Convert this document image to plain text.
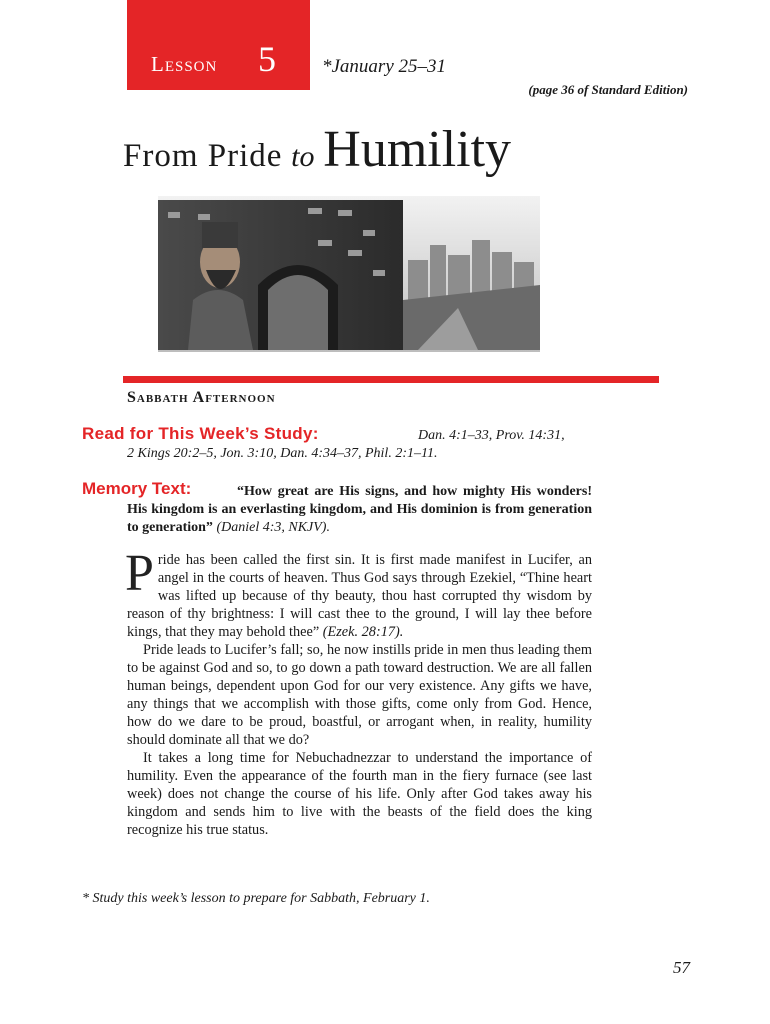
Lesson 5 *January 25–31
(page 36 of Standard Edition)
From Pride to Humility
Sabbath Afternoon
Read for This Week’s Study:	Dan. 4:1–33, Prov. 14:31,
2 Kings 20:2–5, Jon. 3:10, Dan. 4:34–37, Phil. 2:1–11.
Memory Text:	“How great are His signs, and how mighty His wonders! His kingdom is an everlasting kingdom, and His dominion is from generation to generation” (Daniel 4:3, NKJV).

Pride has been called the first sin. It is first made manifest in Lucifer, an angel in the courts of heaven. Thus God says through Ezekiel, “Thine heart was lifted up because of thy beauty, thou hast corrupted thy wisdom by reason of thy brightness: I will cast thee to the ground, I will lay thee before kings, that they may behold thee” (Ezek. 28:17).

Pride leads to Lucifer’s fall; so, he now instills pride in men thus leading them to be against God and so, to go down a path toward destruction. We are all fallen human beings, dependent upon God for our very existence. Any gifts we have, any things that we accomplish with those gifts, come only from God. Hence, how do we dare to be proud, boastful, or arrogant when, in reality, humility should dominate all that we do?

It takes a long time for Nebuchadnezzar to understand the importance of humility. Even the appearance of the fourth man in the fiery furnace (see last week) does not change the course of his life. Only after God takes away his kingdom and sends him to live with the beasts of the field does the king recognize his true status.

* Study this week’s lesson to prepare for Sabbath, February 1.
57
